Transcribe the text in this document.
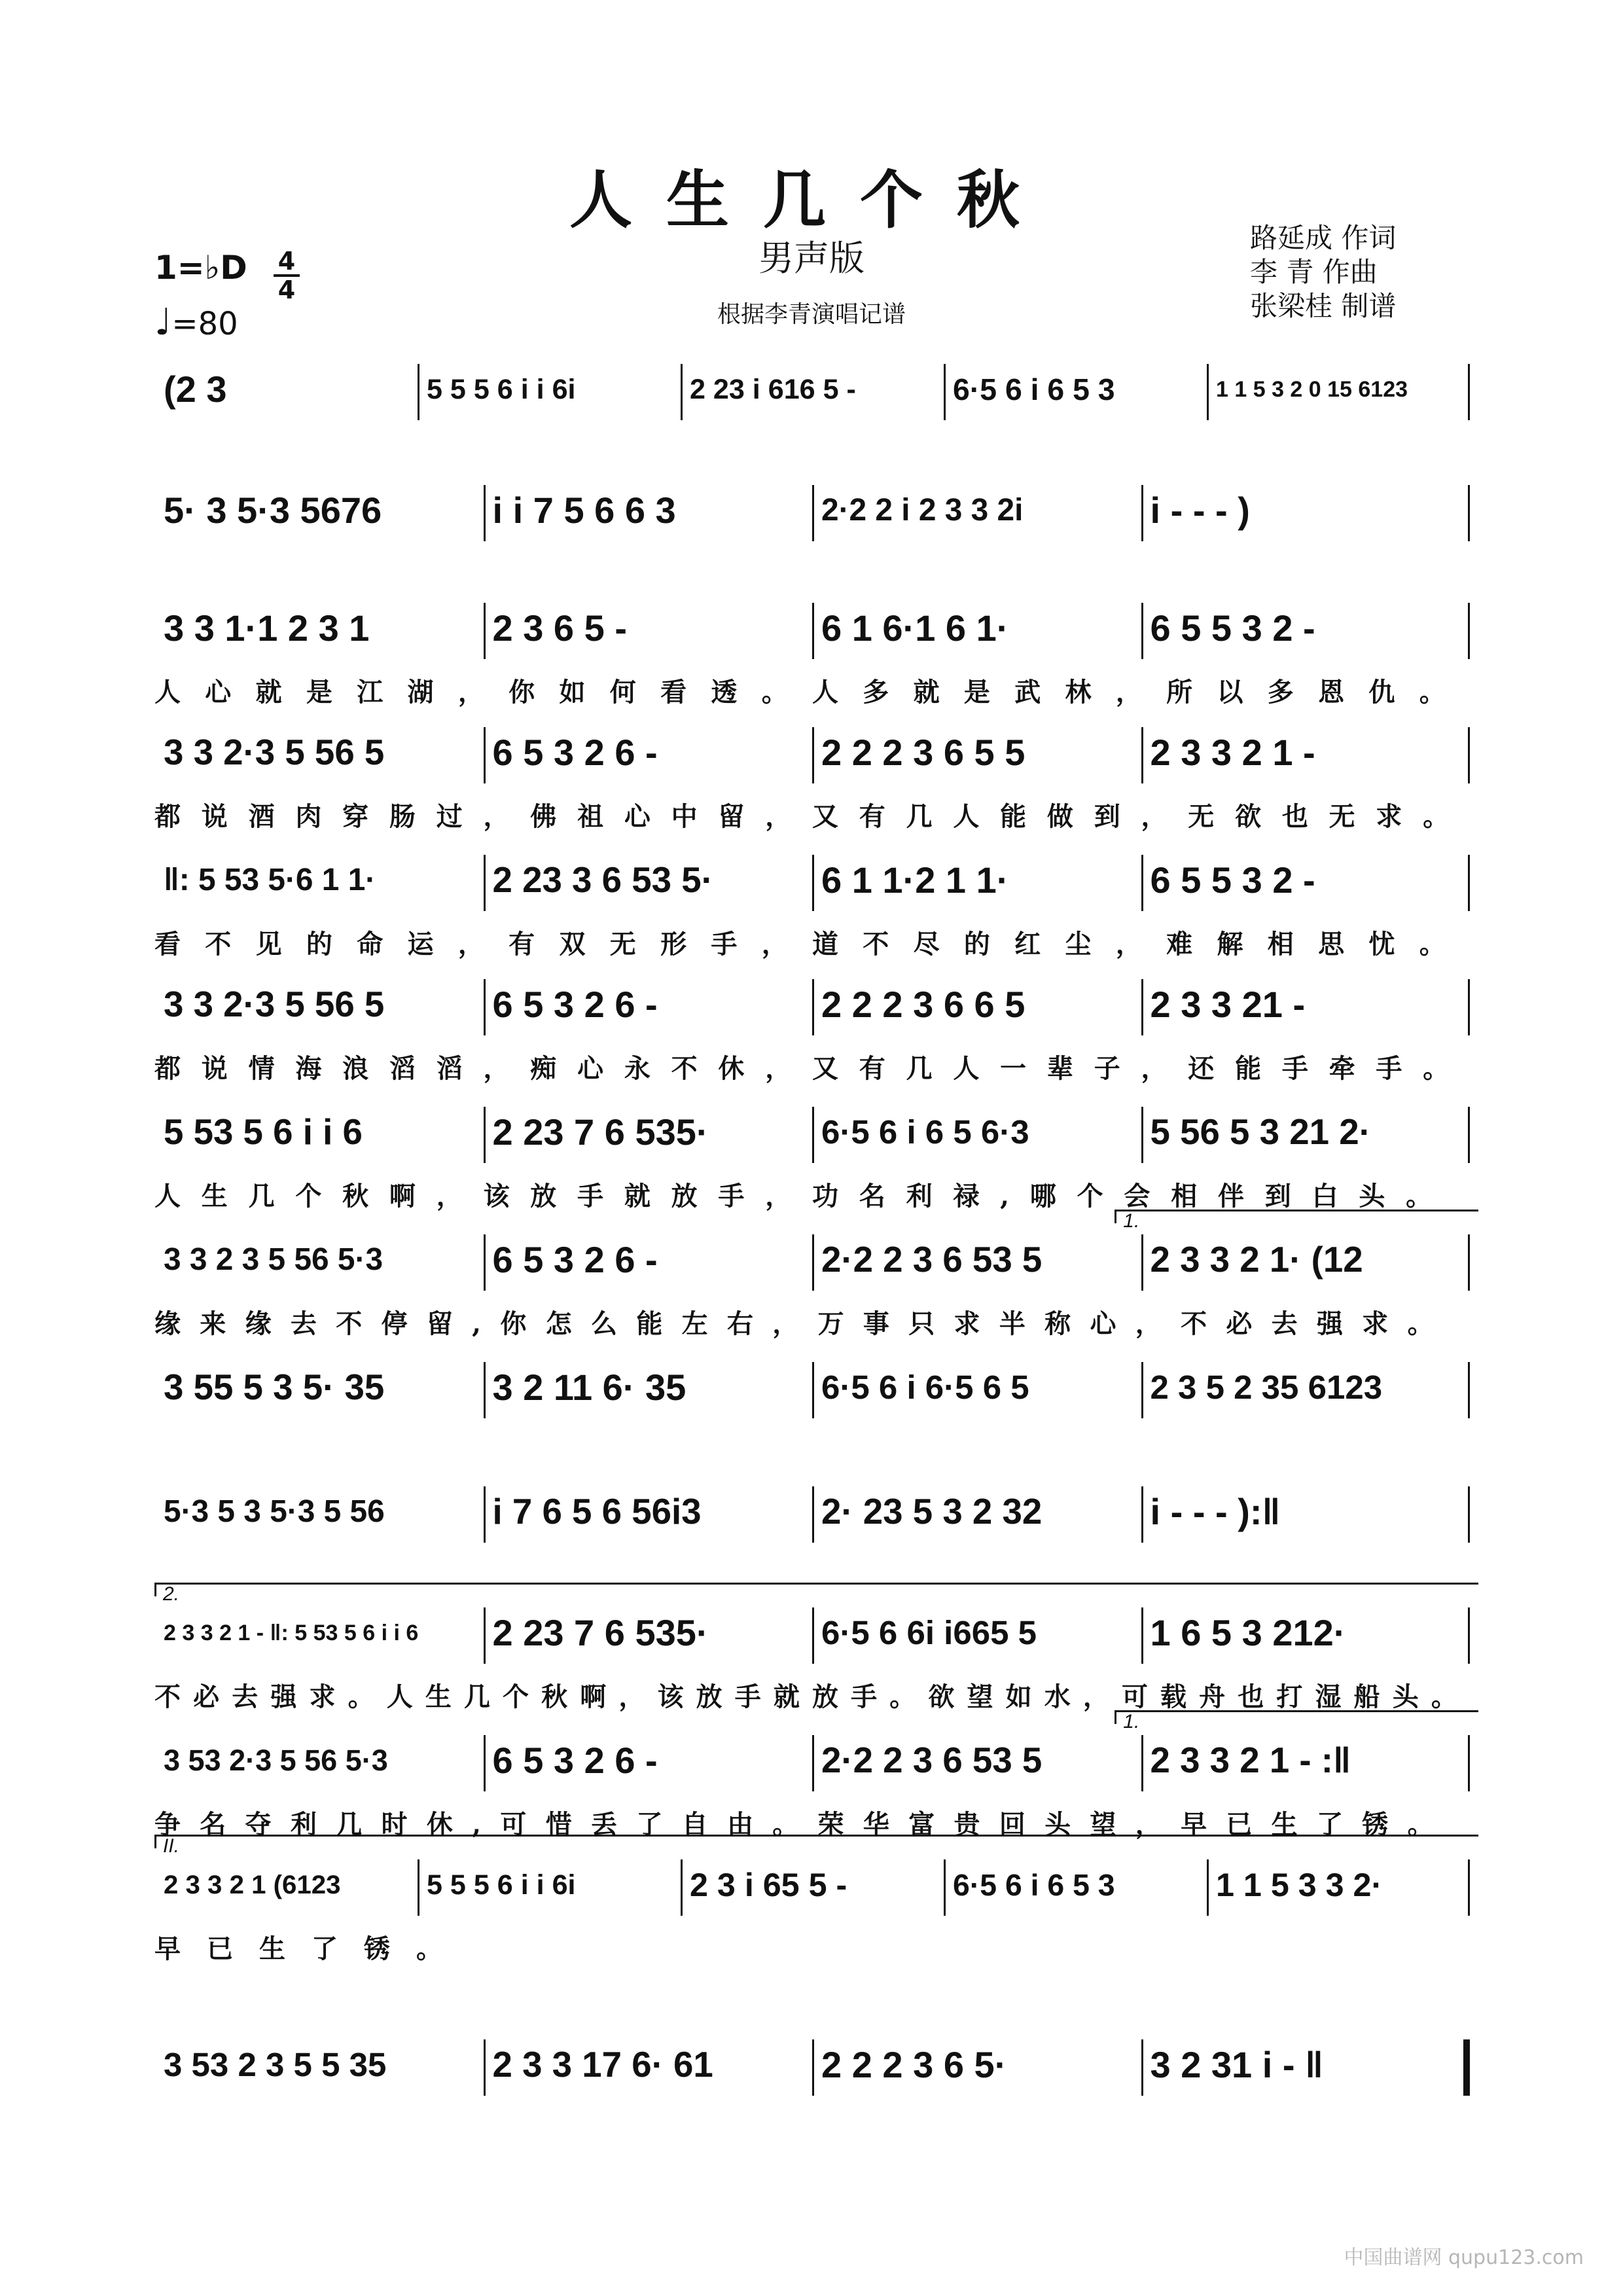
人生几个秋
男声版
根据李青演唱记谱
路延成 作词
李 青 作曲
张梁桂 制谱
1=♭D 4
4
♩=80
(2 3	5 5 5 6 i i 6i	2 23 i 616 5 -	6·5 6 i 6 5 3	1 1 5 3 2 0 15 6123
5· 3 5·3 5676	i i 7 5 6 6 3	2·2 2 i 2 3 3 2i	i - - - )
3 3 1·1 2 3 1	2 3 6 5 -	6 1 6·1 6 1·	6 5 5 3 2 -
人心就是江湖，你如何看透。人多就是武林，所以多恩仇。
3 3 2·3 5 56 5	6 5 3 2 6 -	2 2 2 3 6 5 5	2 3 3 2 1 -
都说酒肉穿肠过，佛祖心中留，又有几人能做到，无欲也无求。
‖: 5 53 5·6 1 1·	2 23 3 6 53 5·	6 1 1·2 1 1·	6 5 5 3 2 -
看不见的命运，有双无形手，道不尽的红尘，难解相思忧。
3 3 2·3 5 56 5	6 5 3 2 6 -	2 2 2 3 6 6 5	2 3 3 21 -
都说情海浪滔滔，痴心永不休，又有几人一辈子，还能手牵手。
5 53 5 6 i i 6	2 23 7 6 535·	6·5 6 i 6 5 6·3	5 56 5 3 21 2·
人生几个秋啊，该放手就放手，功名利禄,哪个会相伴到白头。
3 3 2 3 5 56 5·3	6 5 3 2 6 -	2·2 2 3 6 53 5	2 3 3 2 1· (12
1.
缘来缘去不停留,你怎么能左右，万事只求半称心，不必去强求。
3 55 5 3 5· 35	3 2 11 6· 35	6·5 6 i 6·5 6 5	2 3 5 2 35 6123
5·3 5 3 5·3 5 56	i 7 6 5 6 56i3	2· 23 5 3 2 32	i - - - ):‖
2 3 3 2 1 - ‖: 5 53 5 6 i i 6	2 23 7 6 535·	6·5 6 6i i665 5	1 6 5 3 212·
2.
不必去强求。人生几个秋啊，该放手就放手。欲望如水，可载舟也打湿船头。
3 53 2·3 5 56 5·3	6 5 3 2 6 -	2·2 2 3 6 53 5	2 3 3 2 1 - :‖
1.
争名夺利几时休,可惜丢了自由。荣华富贵回头望，早已生了锈。
2 3 3 2 1 (6123	5 5 5 6 i i 6i	2 3 i 65 5 -	6·5 6 i 6 5 3	1 1 5 3 3 2·
II.
早已生了锈。
3 53 2 3 5 5 35	2 3 3 17 6· 61	2 2 2 3 6 5·	3 2 31 i - ‖
中国曲谱网 qupu123.com
